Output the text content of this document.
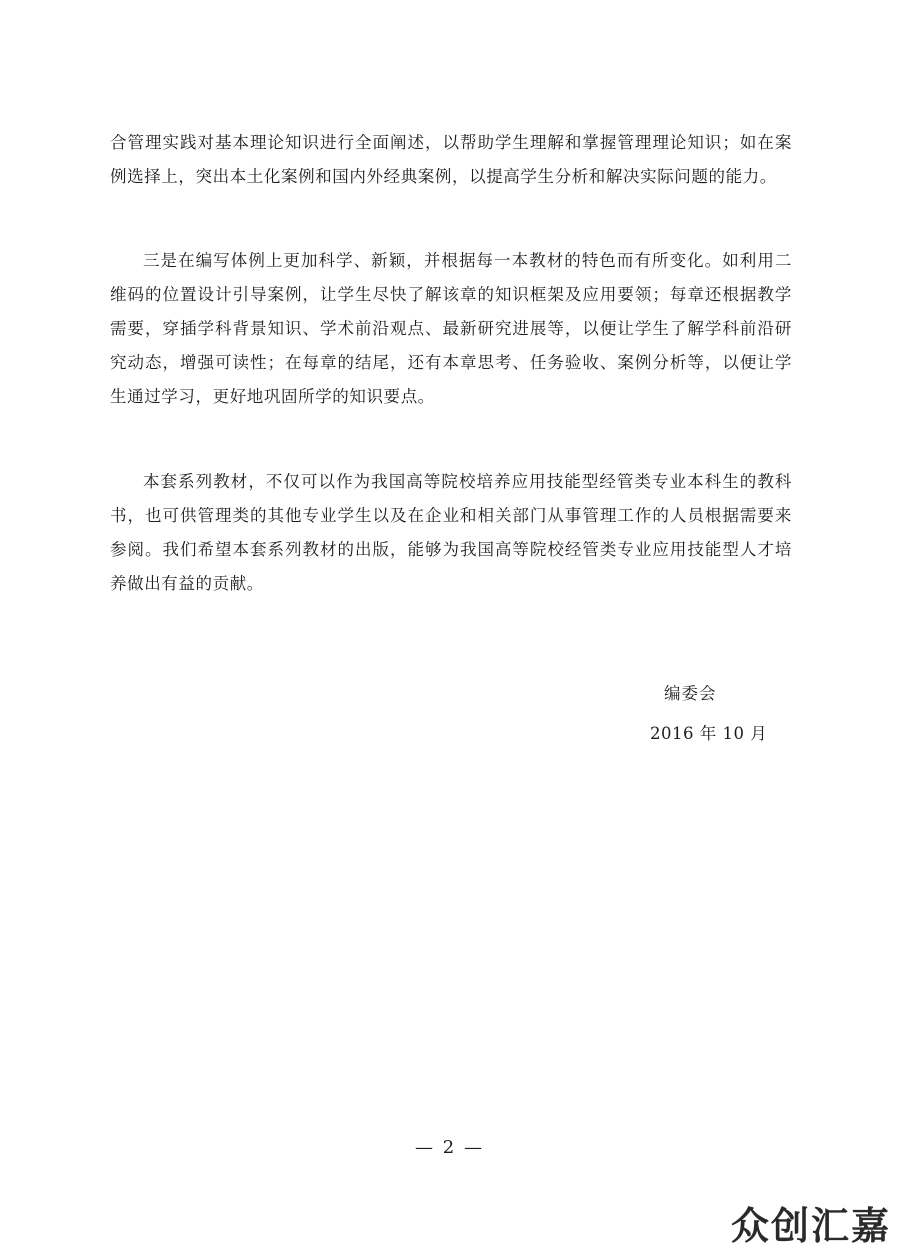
合管理实践对基本理论知识进行全面阐述，以帮助学生理解和掌握管理理论知识；如在案例选择上，突出本土化案例和国内外经典案例，以提高学生分析和解决实际问题的能力。

三是在编写体例上更加科学、新颖，并根据每一本教材的特色而有所变化。如利用二维码的位置设计引导案例，让学生尽快了解该章的知识框架及应用要领；每章还根据教学需要，穿插学科背景知识、学术前沿观点、最新研究进展等，以便让学生了解学科前沿研究动态，增强可读性；在每章的结尾，还有本章思考、任务验收、案例分析等，以便让学生通过学习，更好地巩固所学的知识要点。

本套系列教材，不仅可以作为我国高等院校培养应用技能型经管类专业本科生的教科书，也可供管理类的其他专业学生以及在企业和相关部门从事管理工作的人员根据需要来参阅。我们希望本套系列教材的出版，能够为我国高等院校经管类专业应用技能型人才培养做出有益的贡献。

编委会
2016 年 10 月
— 2 —
众创汇嘉
